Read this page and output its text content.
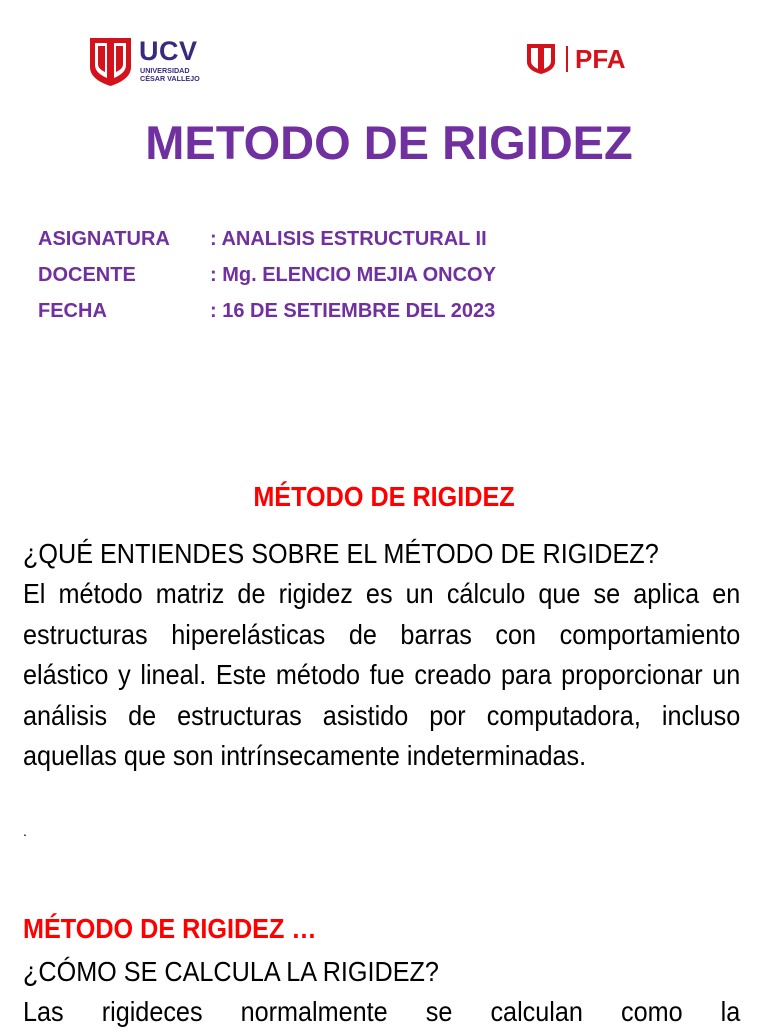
UCV
UNIVERSIDAD
CÉSAR VALLEJO
PFA
METODO DE RIGIDEZ
ASIGNATURA : ANALISIS ESTRUCTURAL II
DOCENTE	: Mg. ELENCIO MEJIA ONCOY
FECHA	: 16 DE SETIEMBRE DEL 2023
MÉTODO DE RIGIDEZ
¿QUÉ ENTIENDES SOBRE EL MÉTODO DE RIGIDEZ?
El método matriz de rigidez es un cálculo que se aplica en estructuras hiperelásticas de barras con comportamiento elástico y lineal. Este método fue creado para proporcionar un análisis de estructuras asistido por computadora, incluso aquellas que son intrínsecamente indeterminadas.
.
MÉTODO DE RIGIDEZ …
¿CÓMO SE CALCULA LA RIGIDEZ?
Las rigideces normalmente se calculan como la
